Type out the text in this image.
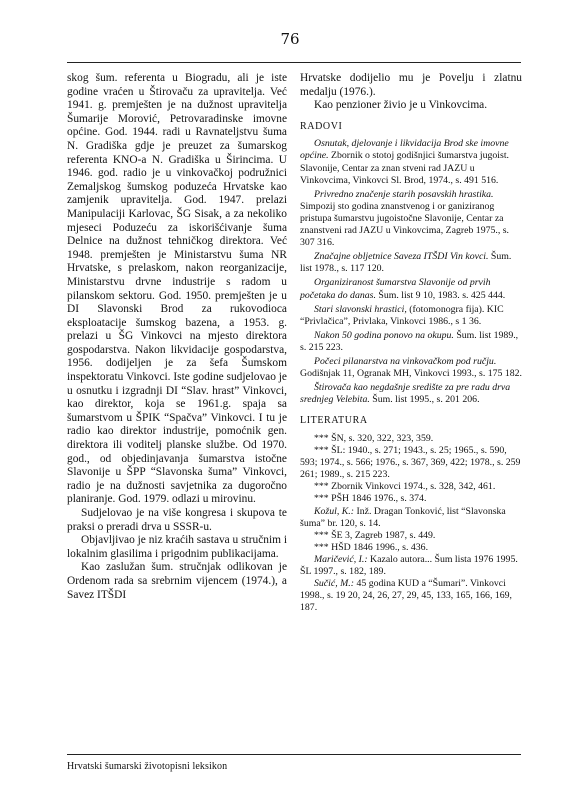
76

skog šum. referenta u Biogradu, ali je iste godine vraćen u Štirovaču za upravitelja. Već 1941. g. premješten je na dužnost upravitelja Šumarije Morović, Petrovaradinske imovne općine. God. 1944. radi u Ravnateljstvu šuma N. Gradiška gdje je preuzet za šumarskog referenta KNO-a N. Gradiška u Širincima. U 1946. god. radio je u vinkovačkoj podružnici Zemaljskog šumskog poduzeća Hrvatske kao zamjenik upravitelja. God. 1947. prelazi Manipulaciji Karlovac, ŠG Sisak, a za nekoliko mjeseci Poduzeću za iskorišćivanje šuma Delnice na dužnost tehničkog direktora. Već 1948. premješten je Ministarstvu šuma NR Hrvatske, s prelaskom, nakon reorganizacije, Ministarstvu drvne industrije s radom u pilanskom sektoru. God. 1950. premješten je u DI Slavonski Brod za rukovodioca eksploatacije šumskog bazena, a 1953. g. prelazi u ŠG Vinkovci na mjesto direktora gospodarstva. Nakon likvidacije gospodarstva, 1956. dodijeljen je za šefa Šumskom inspektoratu Vinkovci. Iste godine sudjelovao je u osnutku i izgradnji DI “Slav. hrast” Vinkovci, kao direktor, koja se 1961.g. spaja sa šumarstvom u ŠPIK “Spačva” Vinkovci. I tu je radio kao direktor industrije, pomoćnik gen. direktora ili voditelj planske službe. Od 1970. god., od objedinjavanja šumarstva istočne Slavonije u ŠPP “Slavonska šuma” Vinkovci, radio je na dužnosti savjetnika za dugoročno planiranje. God. 1979. odlazi u mirovinu.

Sudjelovao je na više kongresa i skupova te praksi o preradi drva u SSSR-u.

Objavljivao je niz kraćih sastava u stručnim i lokalnim glasilima i prigodnim publikacijama.

Kao zaslužan šum. stručnjak odlikovan je Ordenom rada sa srebrnim vijencem (1974.), a Savez ITŠDI

Hrvatske dodijelio mu je Povelju i zlatnu medalju (1976.).

Kao penzioner živio je u Vinkovcima.

RADOVI

Osnutak, djelovanje i likvidacija Brod ske imovne općine. Zbornik o stotoj godišnjici šumarstva jugoist. Slavonije, Centar za znan stveni rad JAZU u Vinkovcima, Vinkovci Sl. Brod, 1974., s. 491 516.

Privredno značenje starih posavskih hrastika. Simpozij sto godina znanstvenog i or ganiziranog pristupa šumarstvu jugoistočne Slavonije, Centar za znanstveni rad JAZU u Vinkovcima, Zagreb 1975., s. 307 316.

Značajne obljetnice Saveza ITŠDI Vin kovci. Šum. list 1978., s. 117 120.

Organiziranost šumarstva Slavonije od prvih početaka do danas. Šum. list 9 10, 1983. s. 425 444.

Stari slavonski hrastici, (fotomonogra fija). KIC “Privlačica”, Privlaka, Vinkovci 1986., s 1 36.

Nakon 50 godina ponovo na okupu. Šum. list 1989., s. 215 223.

Počeci pilanarstva na vinkovačkom pod ručju. Godišnjak 11, Ogranak MH, Vinkovci 1993., s. 175 182.

Štirovača kao negdašnje središte za pre radu drva srednjeg Velebita. Šum. list 1995., s. 201 206.

LITERATURA

*** ŠN, s. 320, 322, 323, 359.

*** ŠL: 1940., s. 271; 1943., s. 25; 1965., s. 590, 593; 1974., s. 566; 1976., s. 367, 369, 422; 1978., s. 259 261; 1989., s. 215 223.

*** Zbornik Vinkovci 1974., s. 328, 342, 461.

*** PŠH 1846 1976., s. 374.

Kožul, K.: Inž. Dragan Tonković, list “Slavonska šuma” br. 120, s. 14.

*** ŠE 3, Zagreb 1987, s. 449.

*** HŠD 1846 1996., s. 436.

Maričević, I.: Kazalo autora... Šum lista 1976 1995. ŠL 1997., s. 182, 189.

Sučić, M.: 45 godina KUD a “Šumari”. Vinkovci 1998., s. 19 20, 24, 26, 27, 29, 45, 133, 165, 166, 169, 187.

Hrvatski šumarski životopisni leksikon
